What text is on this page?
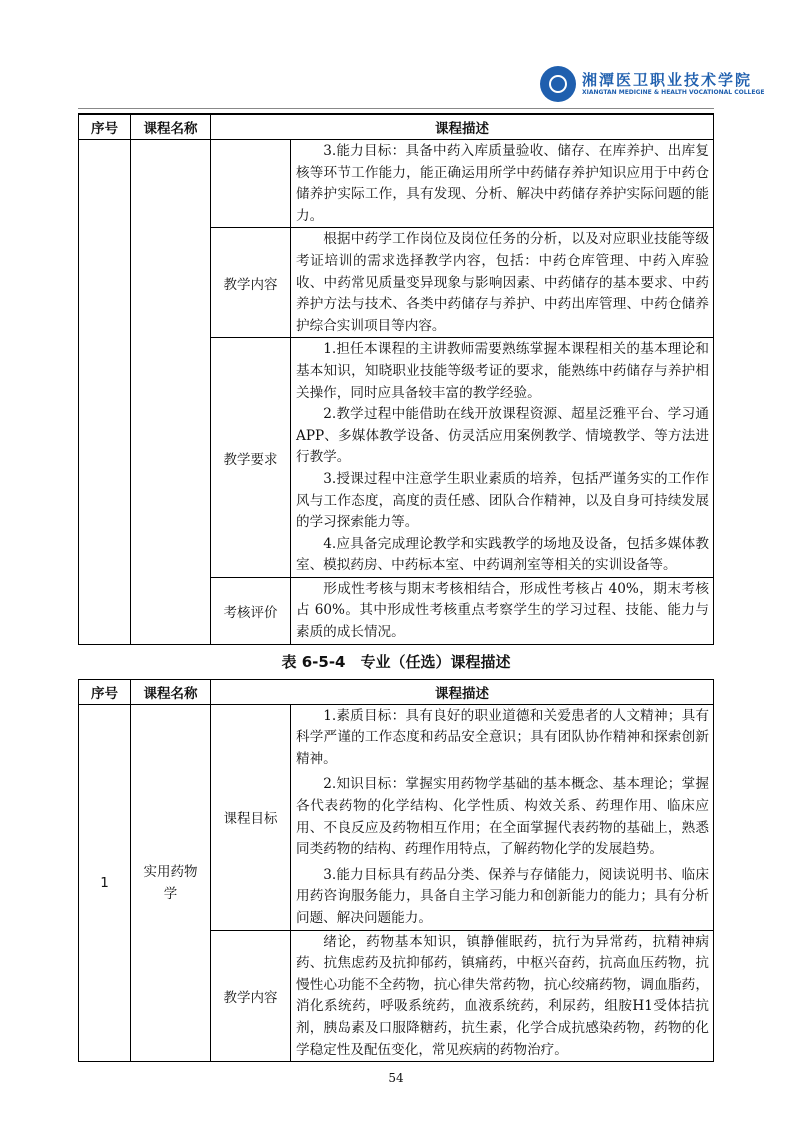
湘潭医卫职业技术学院
XIANGTAN MEDICINE & HEALTH VOCATIONAL COLLEGE
序号	课程名称	课程描述	

			3.能力目标：具备中药入库质量验收、储存、在库养护、出库复核等环节工作能力，能正确运用所学中药储存养护知识应用于中药仓储养护实际工作，具有发现、分析、解决中药储存养护实际问题的能力。

		教学内容	根据中药学工作岗位及岗位任务的分析，以及对应职业技能等级考证培训的需求选择教学内容，包括：中药仓库管理、中药入库验收、中药常见质量变异现象与影响因素、中药储存的基本要求、中药养护方法与技术、各类中药储存与养护、中药出库管理、中药仓储养护综合实训项目等内容。

		教学要求	1.担任本课程的主讲教师需要熟练掌握本课程相关的基本理论和基本知识，知晓职业技能等级考证的要求，能熟练中药储存与养护相关操作，同时应具备较丰富的教学经验。

2.教学过程中能借助在线开放课程资源、超星泛雅平台、学习通 APP、多媒体教学设备、仿灵活应用案例教学、情境教学、等方法进行教学。

3.授课过程中注意学生职业素质的培养，包括严谨务实的工作作风与工作态度，高度的责任感、团队合作精神，以及自身可持续发展的学习探索能力等。

4.应具备完成理论教学和实践教学的场地及设备，包括多媒体教室、模拟药房、中药标本室、中药调剂室等相关的实训设备等。

		考核评价	形成性考核与期末考核相结合，形成性考核占 40%，期末考核占 60%。其中形成性考核重点考察学生的学习过程、技能、能力与素质的成长情况。

表 6-5-4　专业（任选）课程描述
序号	课程名称	课程描述	
1	实用药物学	课程目标	1.素质目标：具有良好的职业道德和关爱患者的人文精神；具有科学严谨的工作态度和药品安全意识；具有团队协作精神和探索创新精神。

2.知识目标：掌握实用药物学基础的基本概念、基本理论；掌握各代表药物的化学结构、化学性质、构效关系、药理作用、临床应用、不良反应及药物相互作用；在全面掌握代表药物的基础上，熟悉同类药物的结构、药理作用特点，了解药物化学的发展趋势。

3.能力目标具有药品分类、保养与存储能力，阅读说明书、临床用药咨询服务能力，具备自主学习能力和创新能力的能力；具有分析问题、解决问题能力。

		教学内容	绪论，药物基本知识，镇静催眠药，抗行为异常药，抗精神病药、抗焦虑药及抗抑郁药，镇痛药，中枢兴奋药，抗高血压药物，抗慢性心功能不全药物，抗心律失常药物，抗心绞痛药物，调血脂药，消化系统药，呼吸系统药，血液系统药，利尿药，组胺H1受体拮抗剂，胰岛素及口服降糖药，抗生素，化学合成抗感染药物，药物的化学稳定性及配伍变化，常见疾病的药物治疗。

54
